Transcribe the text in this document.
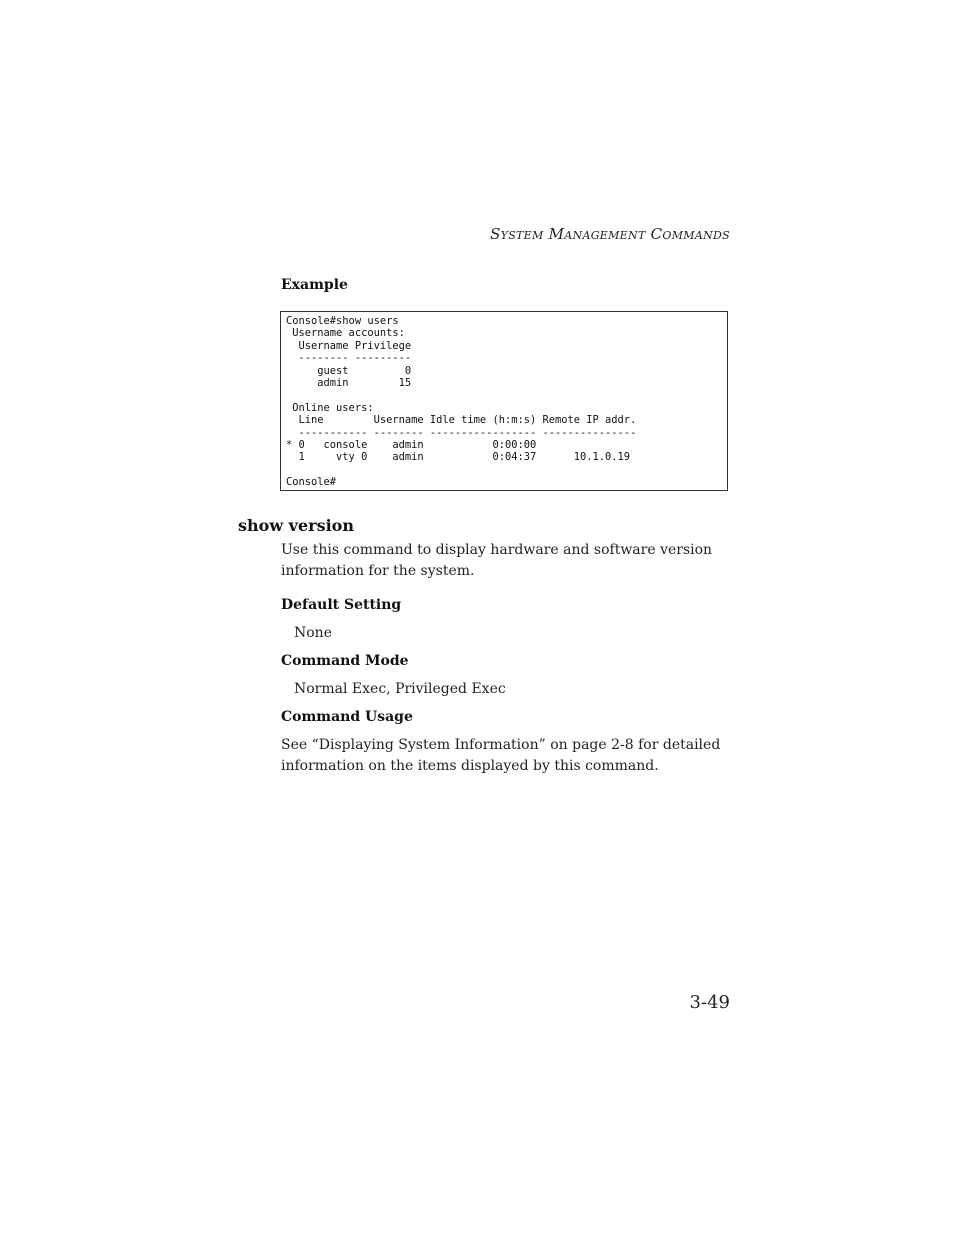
System Management Commands
Example
Console#show users
Username accounts:
Username Privilege
-------- ---------
guest         0
admin        15
Online users:
Line        Username Idle time (h:m:s) Remote IP addr.
----------- -------- ----------------- ---------------
* 0   console    admin           0:00:00
1     vty 0    admin           0:04:37      10.1.0.19
Console#
show version
Use this command to display hardware and software version information for the system.
Default Setting
None
Command Mode
Normal Exec, Privileged Exec
Command Usage
See “Displaying System Information” on page 2-8 for detailed information on the items displayed by this command.
3-49
